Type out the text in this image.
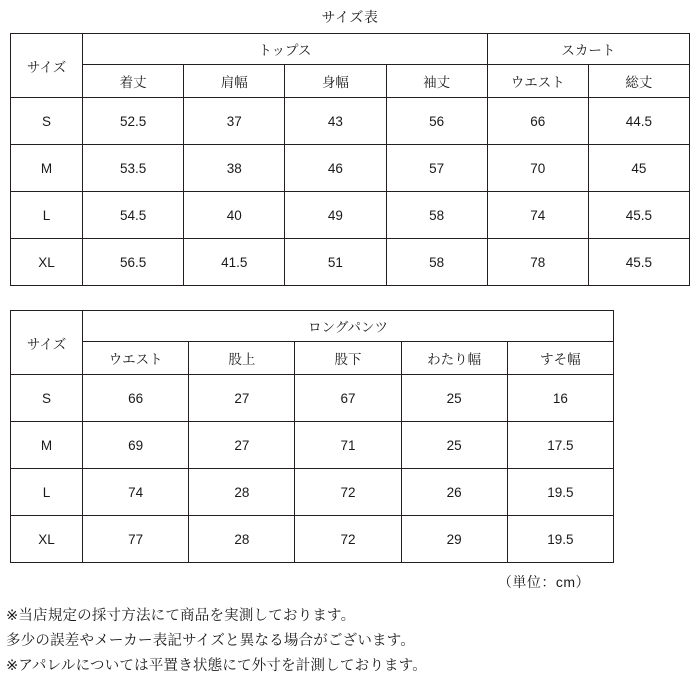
サイズ表
サイズ	トップス				スカート	
	着丈	肩幅	身幅	袖丈	ウエスト	総丈
S	52.5	37	43	56	66	44.5
M	53.5	38	46	57	70	45
L	54.5	40	49	58	74	45.5
XL	56.5	41.5	51	58	78	45.5
サイズ	ロングパンツ				
	ウエスト	股上	股下	わたり幅	すそ幅
S	66	27	67	25	16
M	69	27	71	25	17.5
L	74	28	72	26	19.5
XL	77	28	72	29	19.5
（単位：cm）
※当店規定の採寸方法にて商品を実測しております。
多少の誤差やメーカー表記サイズと異なる場合がございます。
※アパレルについては平置き状態にて外寸を計測しております。
